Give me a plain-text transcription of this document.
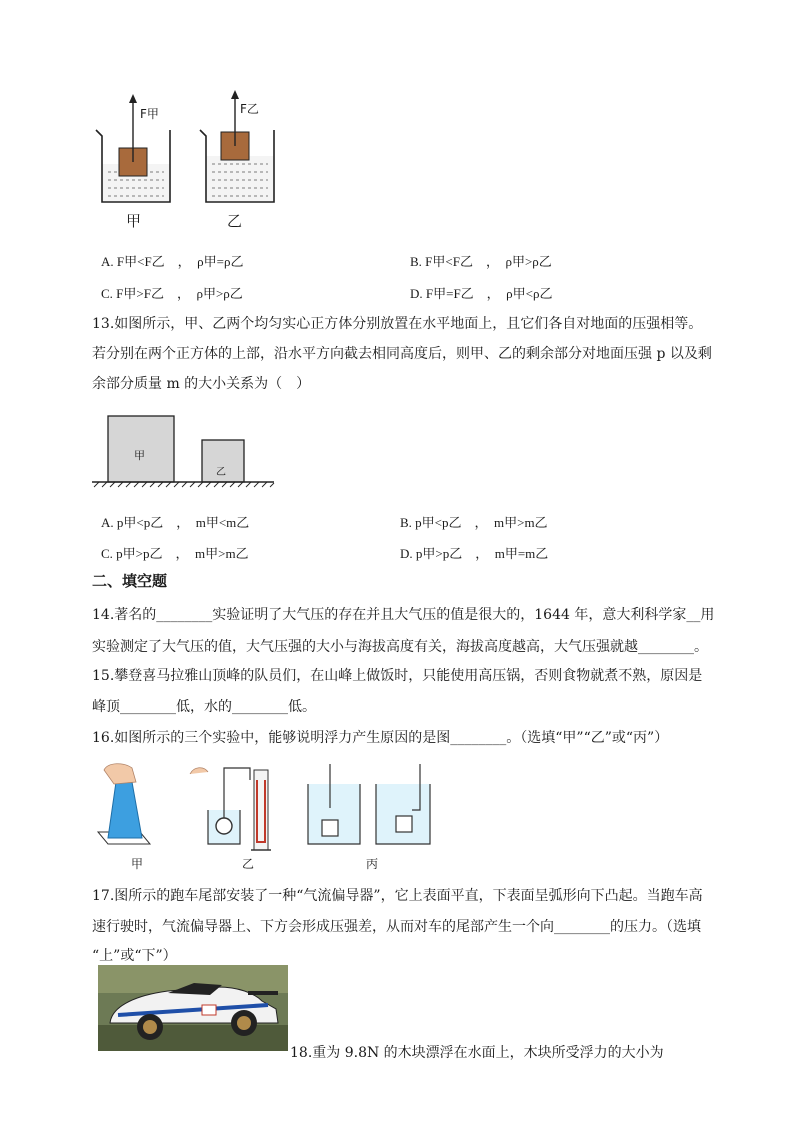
F甲	F乙
甲	乙
A. F甲<F乙　，　ρ甲=ρ乙	B. F甲<F乙　，　ρ甲>ρ乙
C. F甲>F乙　，　ρ甲>ρ乙	D. F甲=F乙　，　ρ甲<ρ乙
13.如图所示，甲、乙两个均匀实心正方体分别放置在水平地面上，且它们各自对地面的压强相等。
若分别在两个正方体的上部，沿水平方向截去相同高度后，则甲、乙的剩余部分对地面压强 p 以及剩
余部分质量 m 的大小关系为（　）
甲
乙
A. p甲<p乙　，　m甲<m乙	B. p甲<p乙　，　m甲>m乙
C. p甲>p乙　，　m甲>m乙	D. p甲>p乙　，　m甲=m乙
二、填空题
14.著名的________实验证明了大气压的存在并且大气压的值是很大的，1644 年，意大利科学家__用
实验测定了大气压的值，大气压强的大小与海拔高度有关，海拔高度越高，大气压强就越________。
15.攀登喜马拉雅山顶峰的队员们，在山峰上做饭时，只能使用高压锅，否则食物就煮不熟，原因是
峰顶________低，水的________低。
16.如图所示的三个实验中，能够说明浮力产生原因的是图________。（选填“甲”“乙”或“丙”）
甲	乙	丙
17.图所示的跑车尾部安装了一种“气流偏导器”，它上表面平直，下表面呈弧形向下凸起。当跑车高
速行驶时，气流偏导器上、下方会形成压强差，从而对车的尾部产生一个向________的压力。（选填
“上”或“下”）
18.重为 9.8N 的木块漂浮在水面上，木块所受浮力的大小为
